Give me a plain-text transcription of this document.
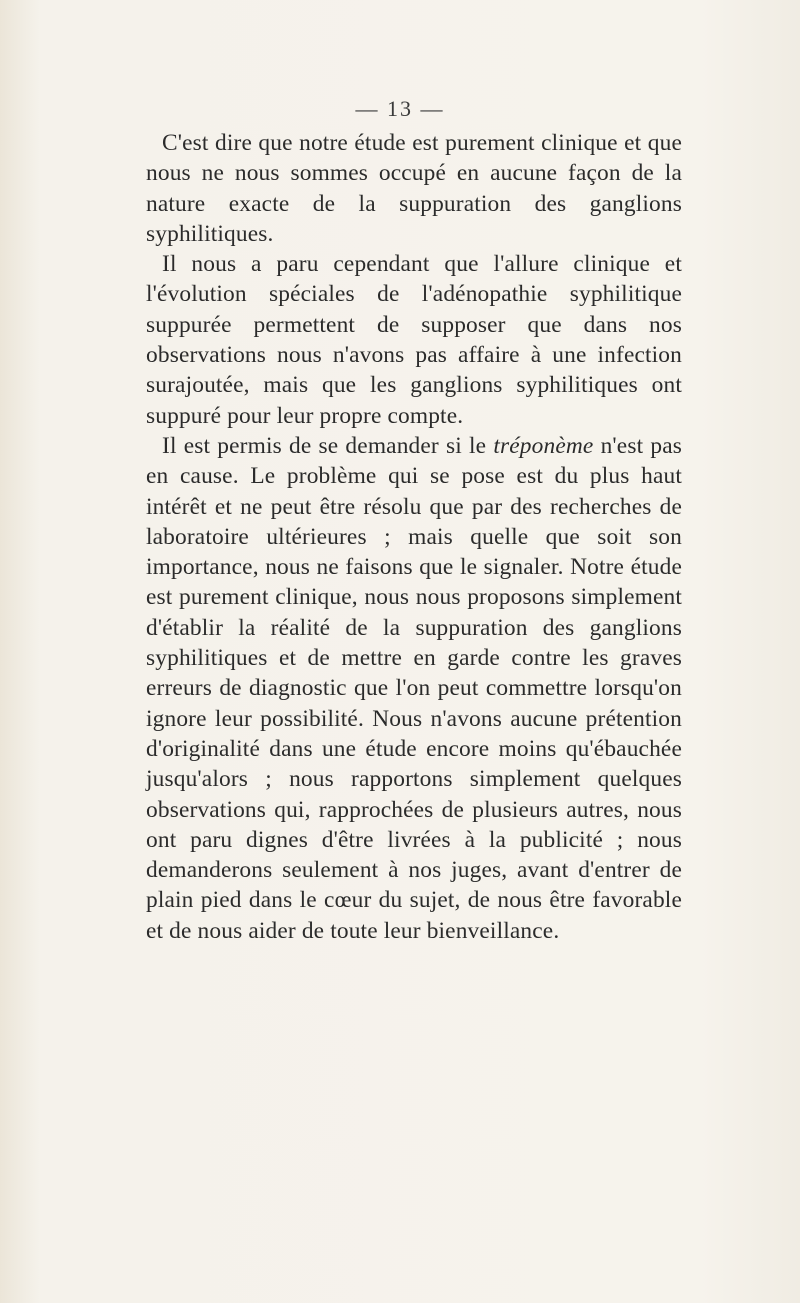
— 13 —

C'est dire que notre étude est purement clinique et que nous ne nous sommes occupé en aucune façon de la nature exacte de la suppuration des ganglions syphilitiques.

Il nous a paru cependant que l'allure clinique et l'évolution spéciales de l'adénopathie syphilitique suppurée permettent de supposer que dans nos observations nous n'avons pas affaire à une infection surajoutée, mais que les ganglions syphilitiques ont suppuré pour leur propre compte.

Il est permis de se demander si le tréponème n'est pas en cause. Le problème qui se pose est du plus haut intérêt et ne peut être résolu que par des recherches de laboratoire ultérieures ; mais quelle que soit son importance, nous ne faisons que le signaler. Notre étude est purement clinique, nous nous proposons simplement d'établir la réalité de la suppuration des ganglions syphilitiques et de mettre en garde contre les graves erreurs de diagnostic que l'on peut commettre lorsqu'on ignore leur possibilité. Nous n'avons aucune prétention d'originalité dans une étude encore moins qu'ébauchée jusqu'alors ; nous rapportons simplement quelques observations qui, rapprochées de plusieurs autres, nous ont paru dignes d'être livrées à la publicité ; nous demanderons seulement à nos juges, avant d'entrer de plain pied dans le cœur du sujet, de nous être favorable et de nous aider de toute leur bienveillance.
